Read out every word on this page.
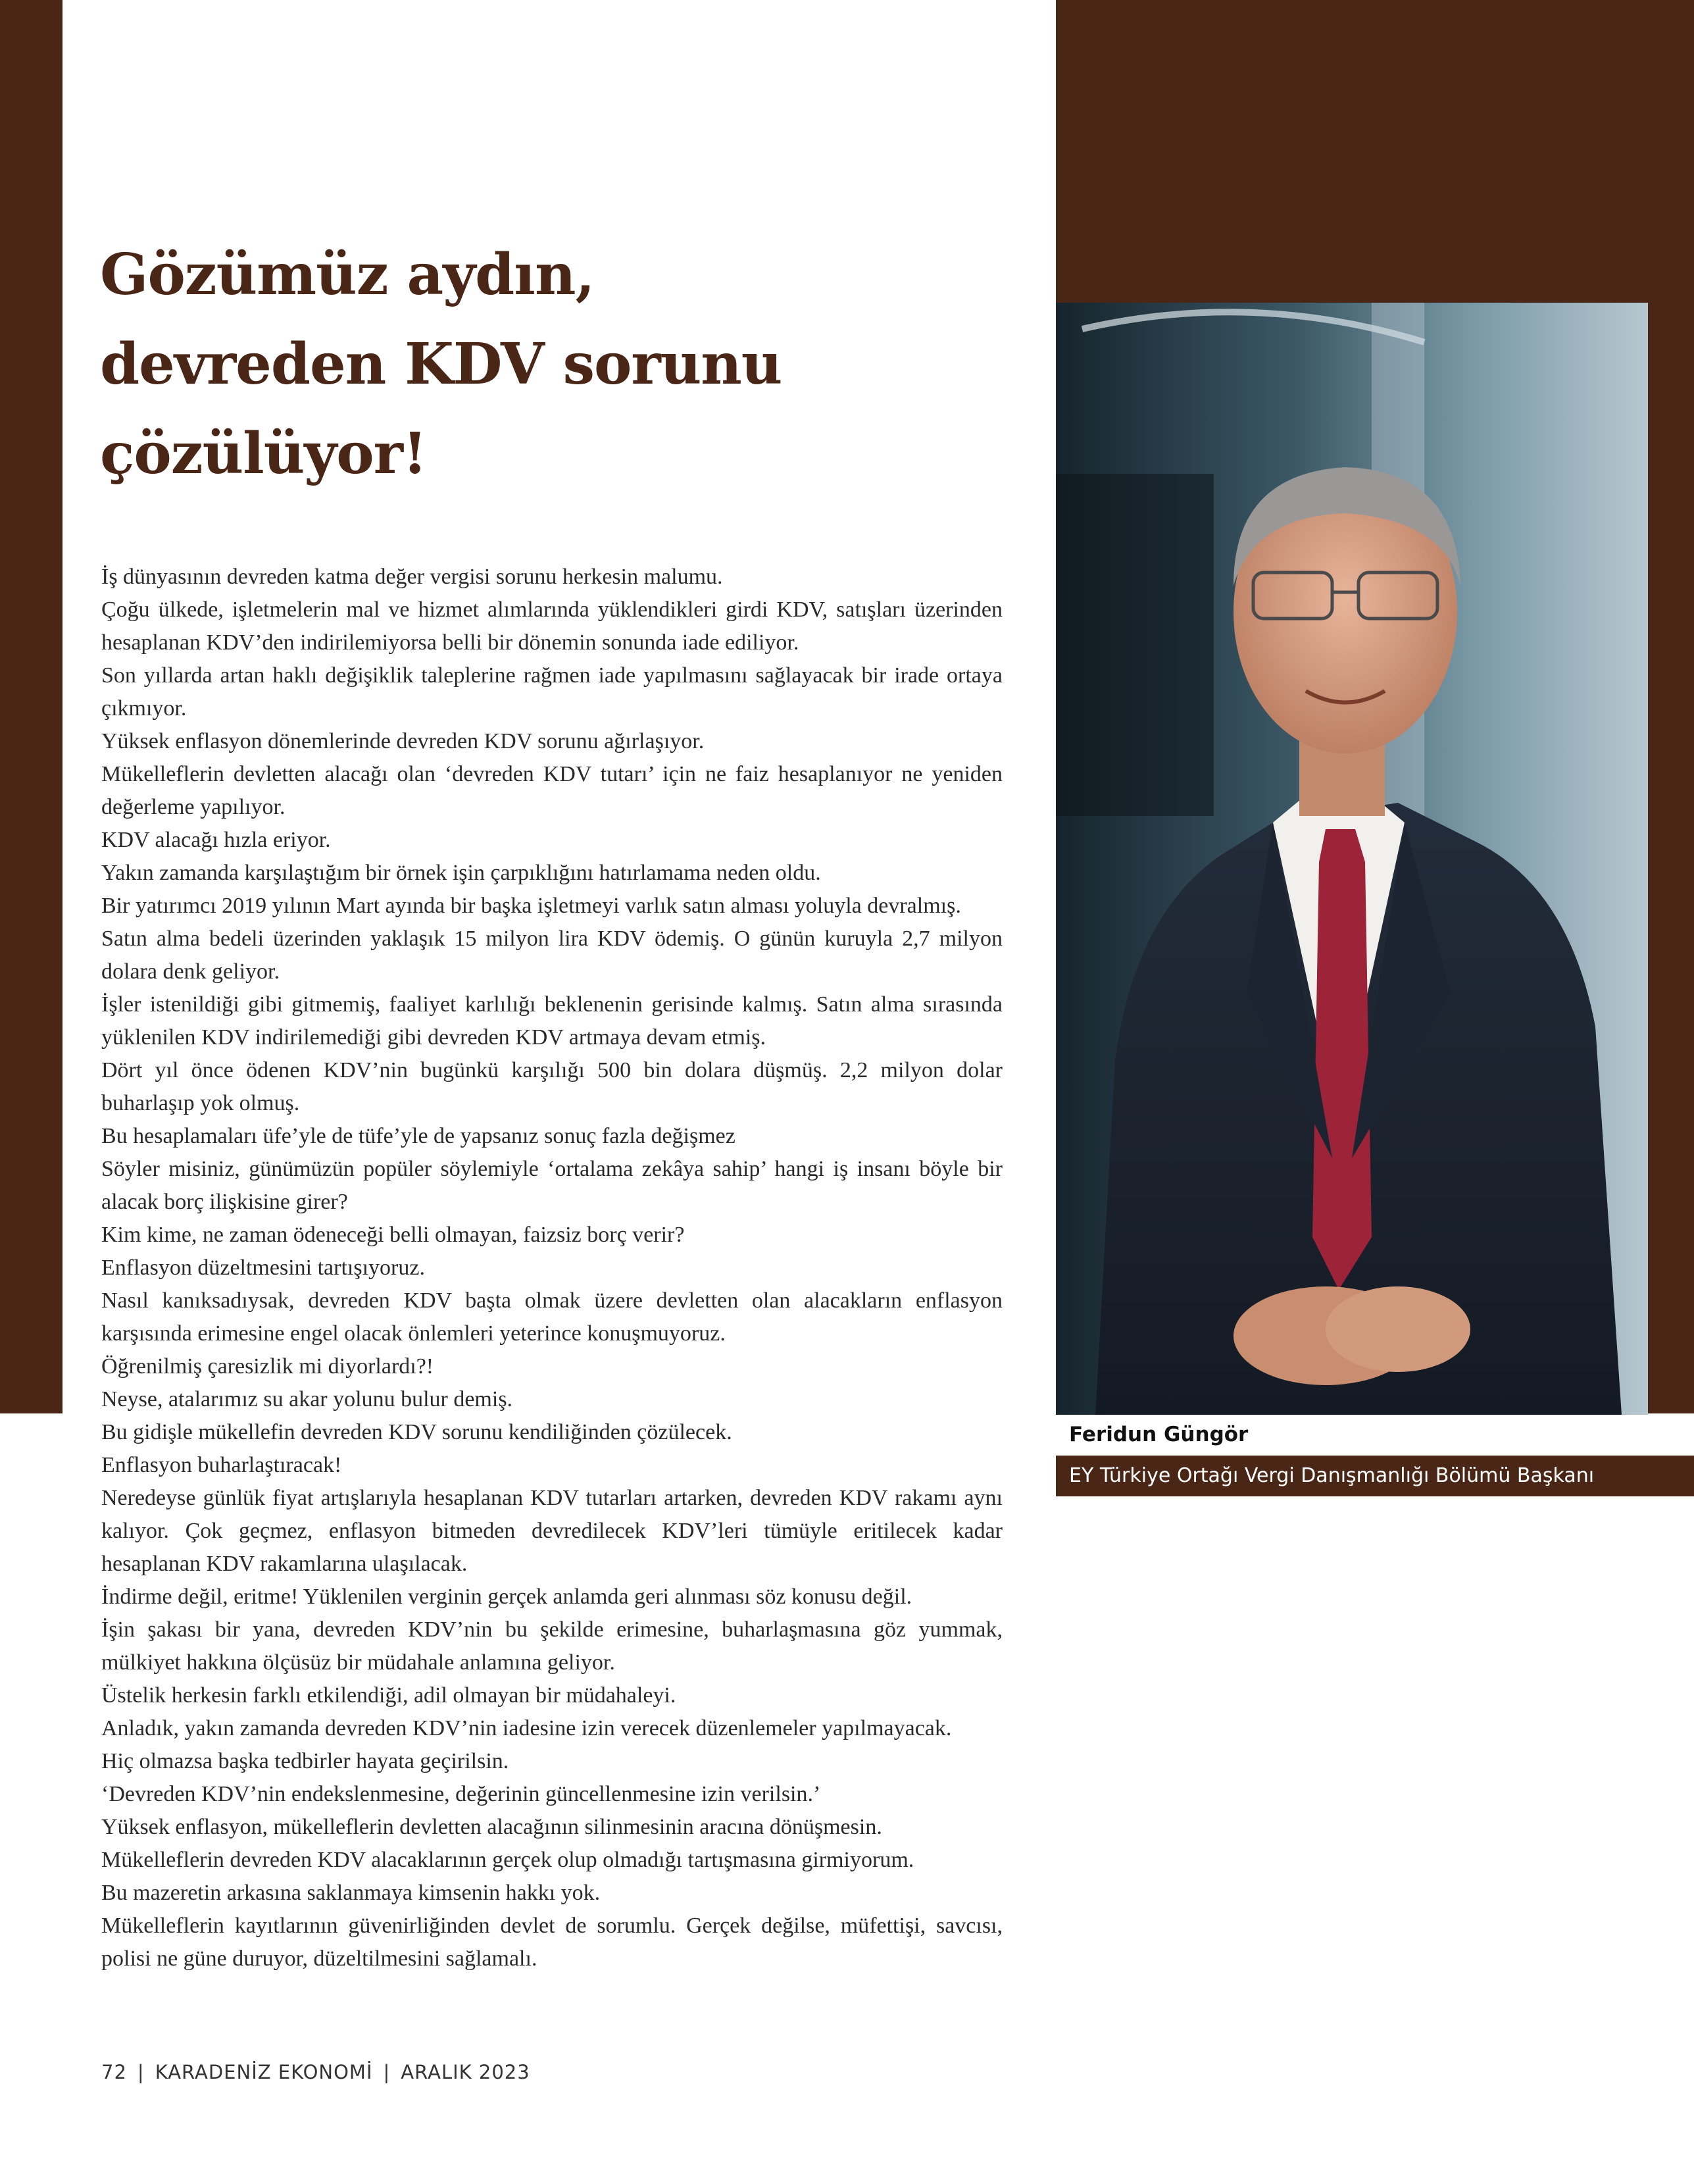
Gözümüz aydın,
devreden KDV sorunu
çözülüyor!

İş dünyasının devreden katma değer vergisi sorunu herkesin malumu.

Çoğu ülkede, işletmelerin mal ve hizmet alımlarında yüklendikleri girdi KDV, satışları üzerinden hesaplanan KDV’den indirilemiyorsa belli bir dönemin sonunda iade ediliyor.

Son yıllarda artan haklı değişiklik taleplerine rağmen iade yapılmasını sağlayacak bir irade ortaya çıkmıyor.

Yüksek enflasyon dönemlerinde devreden KDV sorunu ağırlaşıyor.

Mükelleflerin devletten alacağı olan ‘devreden KDV tutarı’ için ne faiz hesaplanıyor ne yeniden değerleme yapılıyor.

KDV alacağı hızla eriyor.

Yakın zamanda karşılaştığım bir örnek işin çarpıklığını hatırlamama neden oldu.

Bir yatırımcı 2019 yılının Mart ayında bir başka işletmeyi varlık satın alması yoluyla devralmış.

Satın alma bedeli üzerinden yaklaşık 15 milyon lira KDV ödemiş. O günün kuruyla 2,7 milyon dolara denk geliyor.

İşler istenildiği gibi gitmemiş, faaliyet karlılığı beklenenin gerisinde kalmış. Satın alma sırasında yüklenilen KDV indirilemediği gibi devreden KDV artmaya devam etmiş.

Dört yıl önce ödenen KDV’nin bugünkü karşılığı 500 bin dolara düşmüş. 2,2 milyon dolar buharlaşıp yok olmuş.

Bu hesaplamaları üfe’yle de tüfe’yle de yapsanız sonuç fazla değişmez

Söyler misiniz, günümüzün popüler söylemiyle ‘ortalama zekâya sahip’ hangi iş insanı böyle bir alacak borç ilişkisine girer?

Kim kime, ne zaman ödeneceği belli olmayan, faizsiz borç verir?

Enflasyon düzeltmesini tartışıyoruz.

Nasıl kanıksadıysak, devreden KDV başta olmak üzere devletten olan alacakların enflasyon karşısında erimesine engel olacak önlemleri yeterince konuşmuyoruz.

Öğrenilmiş çaresizlik mi diyorlardı?!

Neyse, atalarımız su akar yolunu bulur demiş.

Bu gidişle mükellefin devreden KDV sorunu kendiliğinden çözülecek.

Enflasyon buharlaştıracak!

Neredeyse günlük fiyat artışlarıyla hesaplanan KDV tutarları artarken, devreden KDV rakamı aynı kalıyor. Çok geçmez, enflasyon bitmeden devredilecek KDV’leri tümüyle eritilecek kadar hesaplanan KDV rakamlarına ulaşılacak.

İndirme değil, eritme! Yüklenilen verginin gerçek anlamda geri alınması söz konusu değil.

İşin şakası bir yana, devreden KDV’nin bu şekilde erimesine, buharlaşmasına göz yummak, mülkiyet hakkına ölçüsüz bir müdahale anlamına geliyor.

Üstelik herkesin farklı etkilendiği, adil olmayan bir müdahaleyi.

Anladık, yakın zamanda devreden KDV’nin iadesine izin verecek düzenlemeler yapılmayacak.

Hiç olmazsa başka tedbirler hayata geçirilsin.

‘Devreden KDV’nin endekslenmesine, değerinin güncellenmesine izin verilsin.’

Yüksek enflasyon, mükelleflerin devletten alacağının silinmesinin aracına dönüşmesin.

Mükelleflerin devreden KDV alacaklarının gerçek olup olmadığı tartışmasına girmiyorum.

Bu mazeretin arkasına saklanmaya kimsenin hakkı yok.

Mükelleflerin kayıtlarının güvenirliğinden devlet de sorumlu. Gerçek değilse, müfettişi, savcısı, polisi ne güne duruyor, düzeltilmesini sağlamalı.

Feridun Güngör
EY Türkiye Ortağı Vergi Danışmanlığı Bölümü Başkanı
72 | KARADENİZ EKONOMİ | ARALIK 2023
